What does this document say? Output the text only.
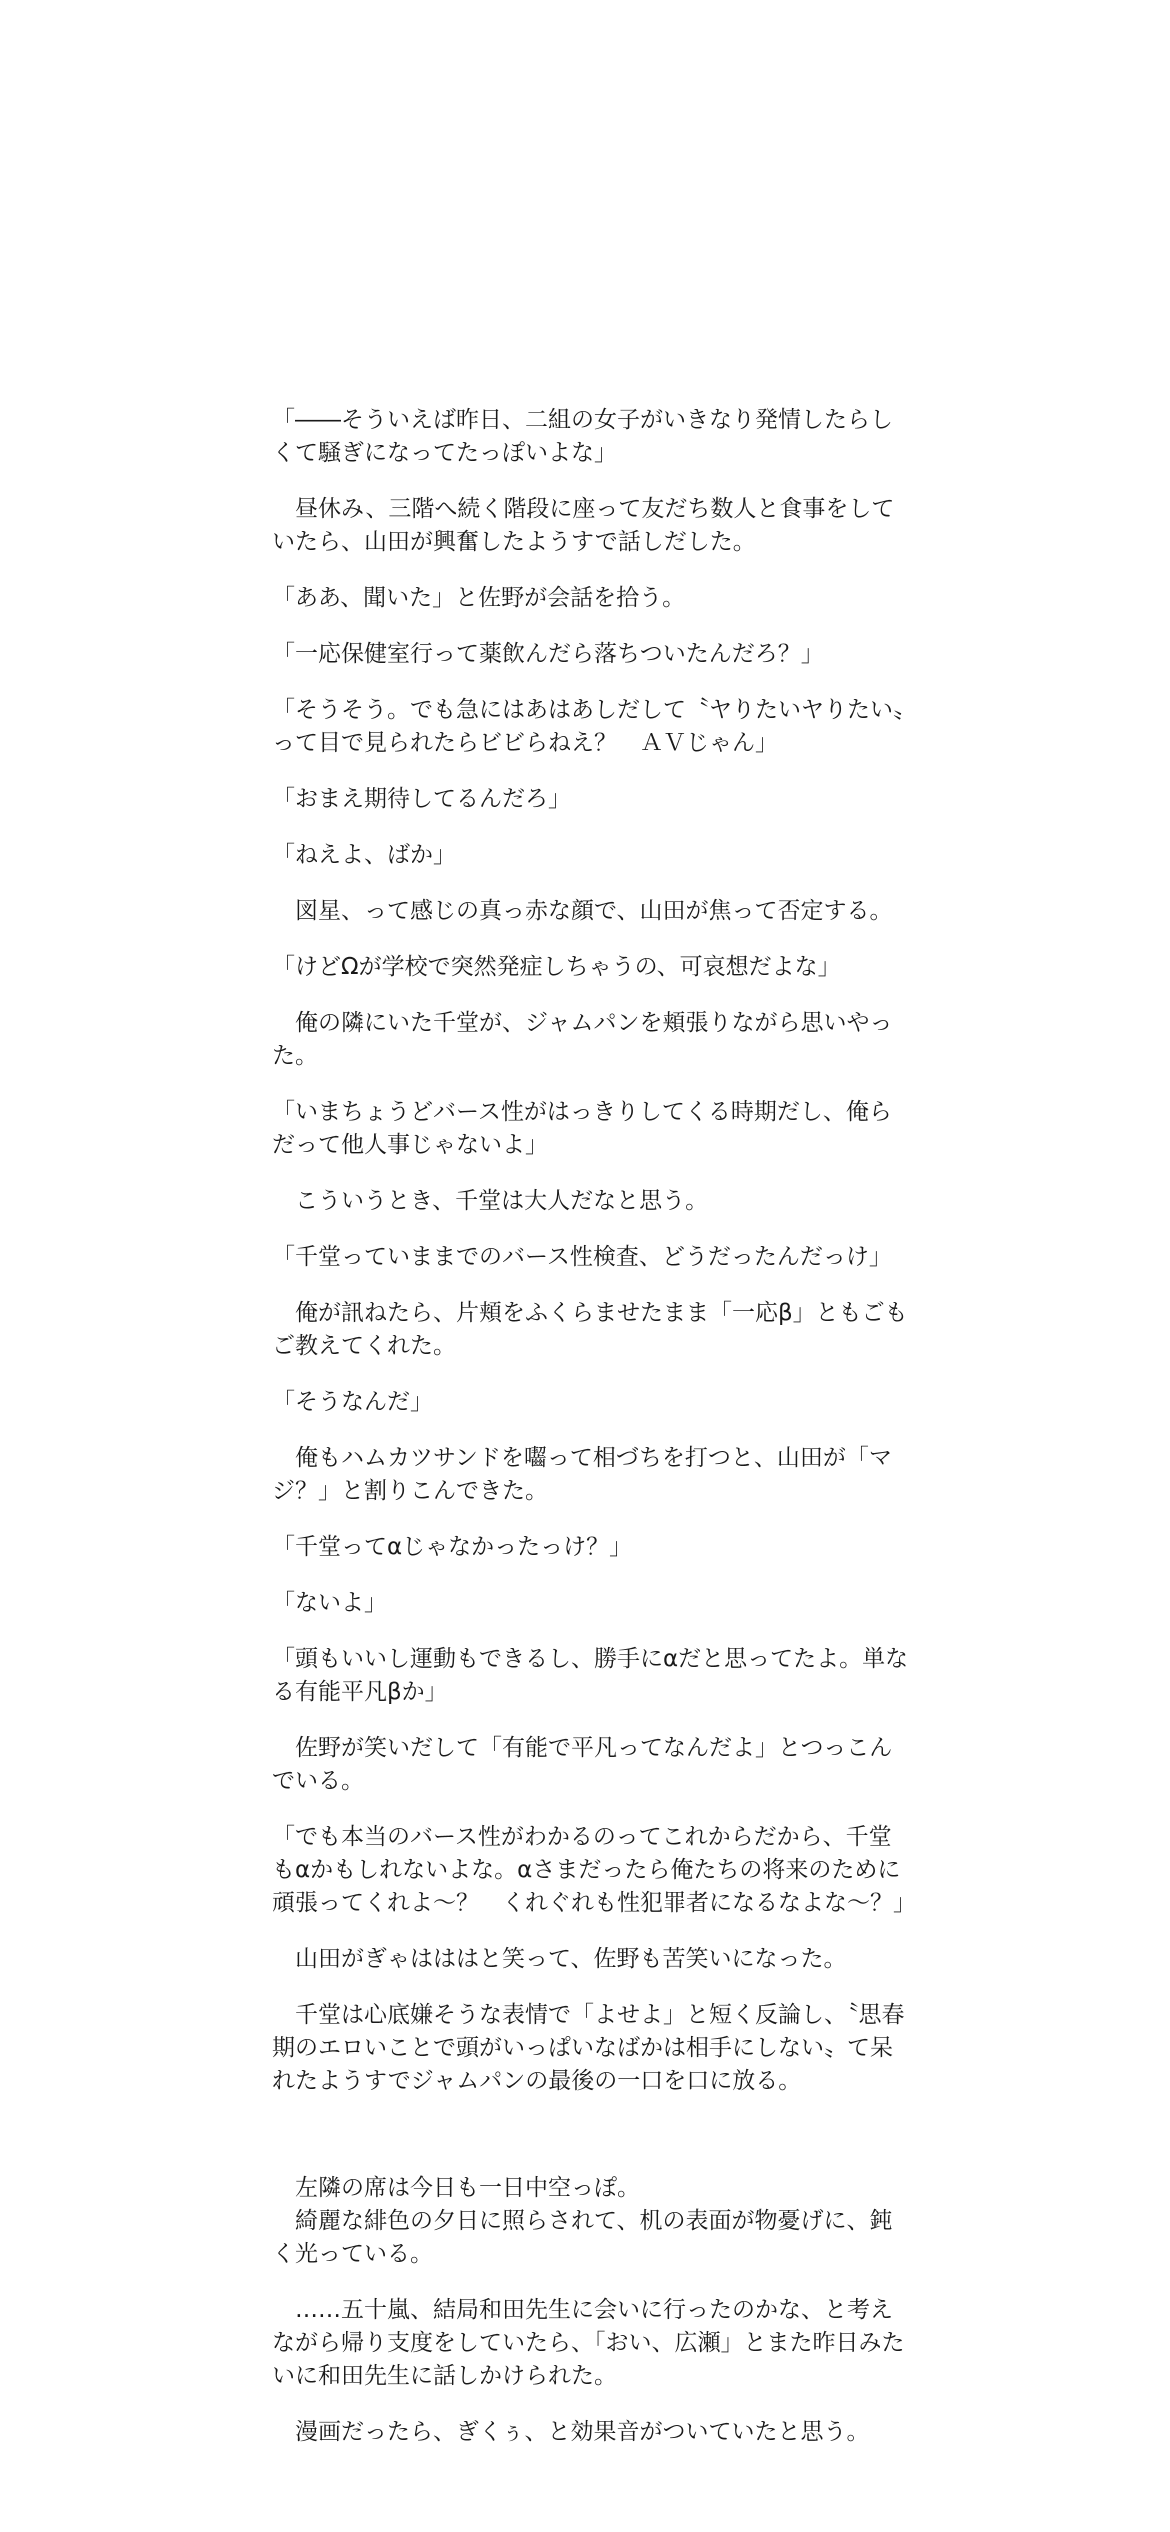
「――そういえば昨日、二組の女子がいきなり発情したらしくて騒ぎになってたっぽいよな」

　昼休み、三階へ続く階段に座って友だち数人と食事をしていたら、山田が興奮したようすで話しだした。

「ああ、聞いた」と佐野が会話を拾う。

「一応保健室行って薬飲んだら落ちついたんだろ？」

「そうそう。でも急にはあはあしだして〝ヤりたいヤりたい〟って目で見られたらビビらねえ？　ＡＶじゃん」

「おまえ期待してるんだろ」

「ねえよ、ばか」

　図星、って感じの真っ赤な顔で、山田が焦って否定する。

「けどΩが学校で突然発症しちゃうの、可哀想だよな」

　俺の隣にいた千堂が、ジャムパンを頬張りながら思いやった。

「いまちょうどバース性がはっきりしてくる時期だし、俺らだって他人事じゃないよ」

　こういうとき、千堂は大人だなと思う。

「千堂っていままでのバース性検査、どうだったんだっけ」

　俺が訊ねたら、片頬をふくらませたまま「一応β」ともごもご教えてくれた。

「そうなんだ」

　俺もハムカツサンドを囓って相づちを打つと、山田が「マジ？」と割りこんできた。

「千堂ってαじゃなかったっけ？」

「ないよ」

「頭もいいし運動もできるし、勝手にαだと思ってたよ。単なる有能平凡βか」

　佐野が笑いだして「有能で平凡ってなんだよ」とつっこんでいる。

「でも本当のバース性がわかるのってこれからだから、千堂もαかもしれないよな。αさまだったら俺たちの将来のために頑張ってくれよ～？　くれぐれも性犯罪者になるなよな～？」

　山田がぎゃはははと笑って、佐野も苦笑いになった。

　千堂は心底嫌そうな表情で「よせよ」と短く反論し、〝思春期のエロいことで頭がいっぱいなばかは相手にしない〟て呆れたようすでジャムパンの最後の一口を口に放る。

　左隣の席は今日も一日中空っぽ。

　綺麗な緋色の夕日に照らされて、机の表面が物憂げに、鈍く光っている。

　……五十嵐、結局和田先生に会いに行ったのかな、と考えながら帰り支度をしていたら、「おい、広瀬」とまた昨日みたいに和田先生に話しかけられた。

　漫画だったら、ぎくぅ、と効果音がついていたと思う。
